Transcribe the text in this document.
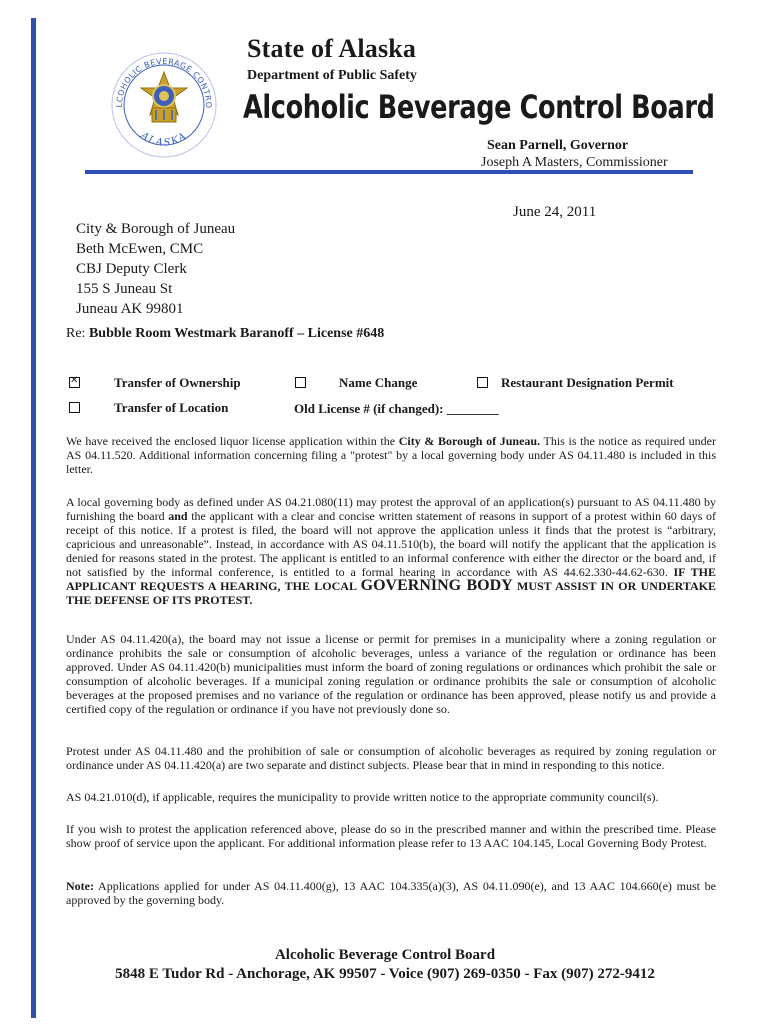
LCOHOLIC BEVERAGE CONTRO
ALASKA
State of Alaska
Department of Public Safety
Alcoholic Beverage Control Board
Sean Parnell, Governor
Joseph A Masters, Commissioner
June 24, 2011
City & Borough of Juneau
Beth McEwen, CMC
CBJ Deputy Clerk
155 S Juneau St
Juneau AK 99801
Re: Bubble Room Westmark Baranoff – License #648
✕
Transfer of Ownership	Name Change	Restaurant Designation Permit
Transfer of Location	Old License # (if changed): ________
We have received the enclosed liquor license application within the City & Borough of Juneau. This is the notice as required under AS 04.11.520. Additional information concerning filing a "protest" by a local governing body under AS 04.11.480 is included in this letter.
A local governing body as defined under AS 04.21.080(11) may protest the approval of an application(s) pursuant to AS 04.11.480 by furnishing the board and the applicant with a clear and concise written statement of reasons in support of a protest within 60 days of receipt of this notice. If a protest is filed, the board will not approve the application unless it finds that the protest is “arbitrary, capricious and unreasonable”. Instead, in accordance with AS 04.11.510(b), the board will notify the applicant that the application is denied for reasons stated in the protest. The applicant is entitled to an informal conference with either the director or the board and, if not satisfied by the informal conference, is entitled to a formal hearing in accordance with AS 44.62.330-44.62-630. IF THE APPLICANT REQUESTS A HEARING, THE LOCAL GOVERNING BODY MUST ASSIST IN OR UNDERTAKE THE DEFENSE OF ITS PROTEST.
Under AS 04.11.420(a), the board may not issue a license or permit for premises in a municipality where a zoning regulation or ordinance prohibits the sale or consumption of alcoholic beverages, unless a variance of the regulation or ordinance has been approved. Under AS 04.11.420(b) municipalities must inform the board of zoning regulations or ordinances which prohibit the sale or consumption of alcoholic beverages. If a municipal zoning regulation or ordinance prohibits the sale or consumption of alcoholic beverages at the proposed premises and no variance of the regulation or ordinance has been approved, please notify us and provide a certified copy of the regulation or ordinance if you have not previously done so.
Protest under AS 04.11.480 and the prohibition of sale or consumption of alcoholic beverages as required by zoning regulation or ordinance under AS 04.11.420(a) are two separate and distinct subjects. Please bear that in mind in responding to this notice.
AS 04.21.010(d), if applicable, requires the municipality to provide written notice to the appropriate community council(s).
If you wish to protest the application referenced above, please do so in the prescribed manner and within the prescribed time. Please show proof of service upon the applicant. For additional information please refer to 13 AAC 104.145, Local Governing Body Protest.
Note: Applications applied for under AS 04.11.400(g), 13 AAC 104.335(a)(3), AS 04.11.090(e), and 13 AAC 104.660(e) must be approved by the governing body.
Alcoholic Beverage Control Board
5848 E Tudor Rd - Anchorage, AK 99507 - Voice (907) 269-0350 - Fax (907) 272-9412
